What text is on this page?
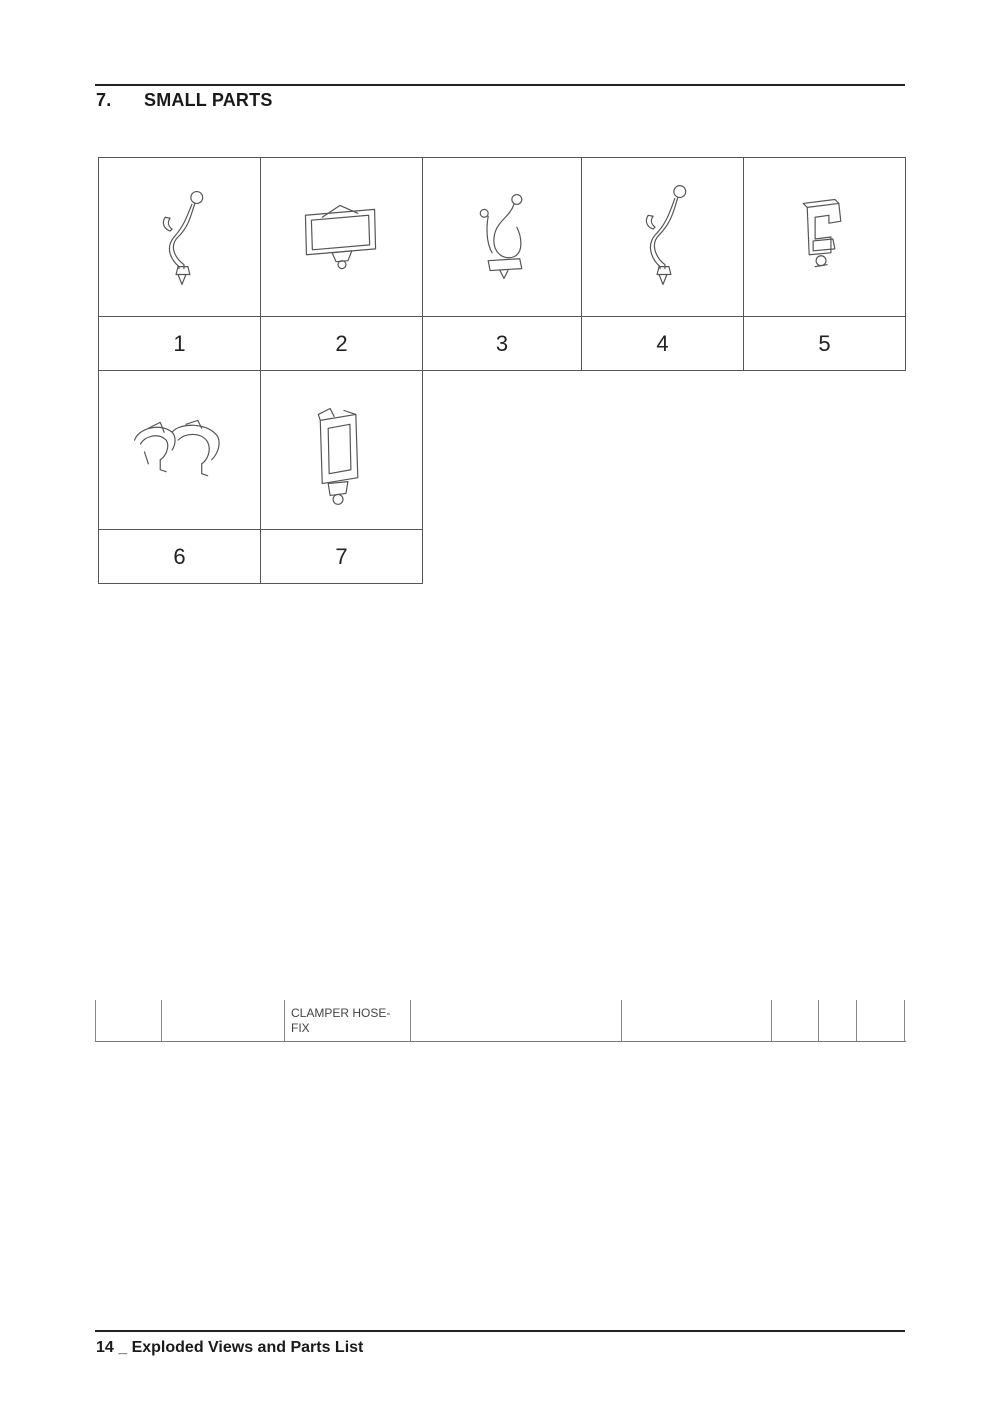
7. SMALL PARTS
1	2	3	4	5
6	7
CLAMPER HOSE-FIX
14 _ Exploded Views and Parts List
